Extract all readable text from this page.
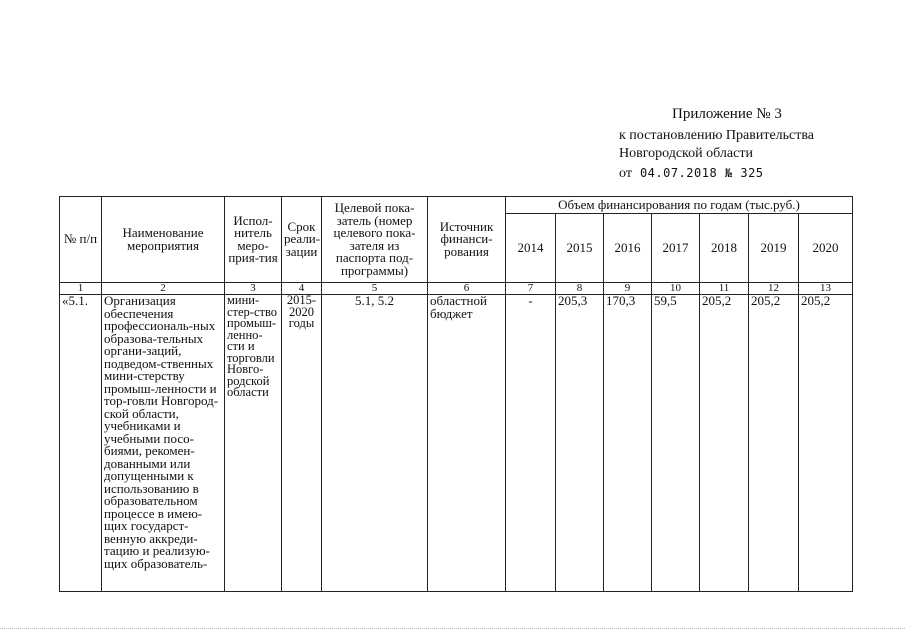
Приложение № 3
к постановлению Правительства
Новгородской области
от 04.07.2018 № 325
№ п/п	Наименование мероприятия	Испол-нитель меро-прия-тия	Срок реали-зации	Целевой пока-затель (номер целевого пока-зателя из паспорта под-программы)	Источник финанси-рования	Объем финансирования по годам (тыс.руб.)						
						2014	2015	2016	2017	2018	2019	2020
1	2	3	4	5	6	7	8	9	10	11	12	13
«5.1.	Организация обеспечения профессиональ-ных образова-тельных органи-заций, подведом-ственных мини-стерству промыш-ленности и тор-говли Новгород-ской области, учебниками и учебными посо-биями, рекомен-дованными или допущенными к использованию в образовательном процессе в имею-щих государст-венную аккреди-тацию и реализую-щих образователь-	мини-стер-ство промыш-ленно-сти и торговли Новго-родской области	2015-2020 годы	5.1, 5.2	областной бюджет	-	205,3	170,3	59,5	205,2	205,2	205,2
